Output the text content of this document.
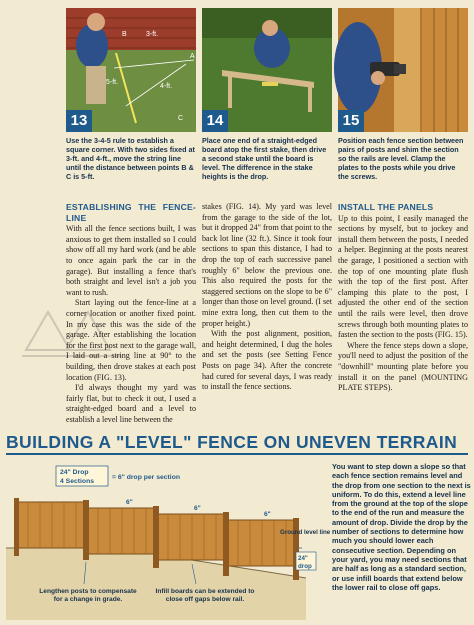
B	3-ft.
A
5-ft.
4-ft.
C
13	14	15
Use the 3-4-5 rule to establish a square corner. With two sides fixed at 3-ft. and 4-ft., move the string line until the distance between points B & C is 5-ft.
Place one end of a straight-edged board atop the first stake, then drive a second stake until the board is level. The difference in the stake heights is the drop.
Position each fence section between pairs of posts and shim the section so the rails are level. Clamp the plates to the posts while you drive the screws.
ESTABLISHING THE FENCE-LINE

With all the fence sections built, I was anxious to get them installed so I could show off all my hard work (and be able to once again park the car in the garage). But installing a fence that's both straight and level isn't a job you want to rush.

Start laying out the fence-line at a corner location or another fixed point. In my case this was the side of the garage. After establishing the location for the first post next to the garage wall, I laid out a string line at 90° to the building, then drove stakes at each post location (FIG. 13).

I'd always thought my yard was fairly flat, but to check it out, I used a straight-edged board and a level to establish a level line between the

stakes (FIG. 14). My yard was level from the garage to the side of the lot, but it dropped 24" from that point to the back lot line (32 ft.). Since it took four sections to span this distance, I had to drop the top of each successive panel roughly 6" below the previous one. This also required the posts for the staggered sections on the slope to be 6" longer than those on level ground. (I set mine extra long, then cut them to the proper height.)

With the post alignment, position, and height determined, I dug the holes and set the posts (see Setting Fence Posts on page 34). After the concrete had cured for several days, I was ready to install the fence sections.

INSTALL THE PANELS

Up to this point, I easily managed the sections by myself, but to jockey and install them between the posts, I needed a helper. Beginning at the posts nearest the garage, I positioned a section with the top of one mounting plate flush with the top of the first post. After clamping this plate to the post, I adjusted the other end of the section until the rails were level, then drove screws through both mounting plates to fasten the section to the posts (FIG. 15).

Where the fence steps down a slope, you'll need to adjust the position of the "downhill" mounting plate before you install it on the panel (MOUNTING PLATE STEPS).

BUILDING A "LEVEL" FENCE ON UNEVEN TERRAIN
24" Drop
4 Sections
= 6" drop per section
6"
6"
6"
Ground level line
24"
drop
Lengthen posts to compensate for a change in grade.
Infill boards can be extended to close off gaps below rail.
You want to step down a slope so that each fence section remains level and the drop from one section to the next is uniform. To do this, extend a level line from the ground at the top of the slope to the end of the run and measure the amount of drop. Divide the drop by the number of sections to determine how much you should lower each consecutive section. Depending on your yard, you may need sections that are half as long as a standard section, or use infill boards that extend below the lower rail to close off gaps.
